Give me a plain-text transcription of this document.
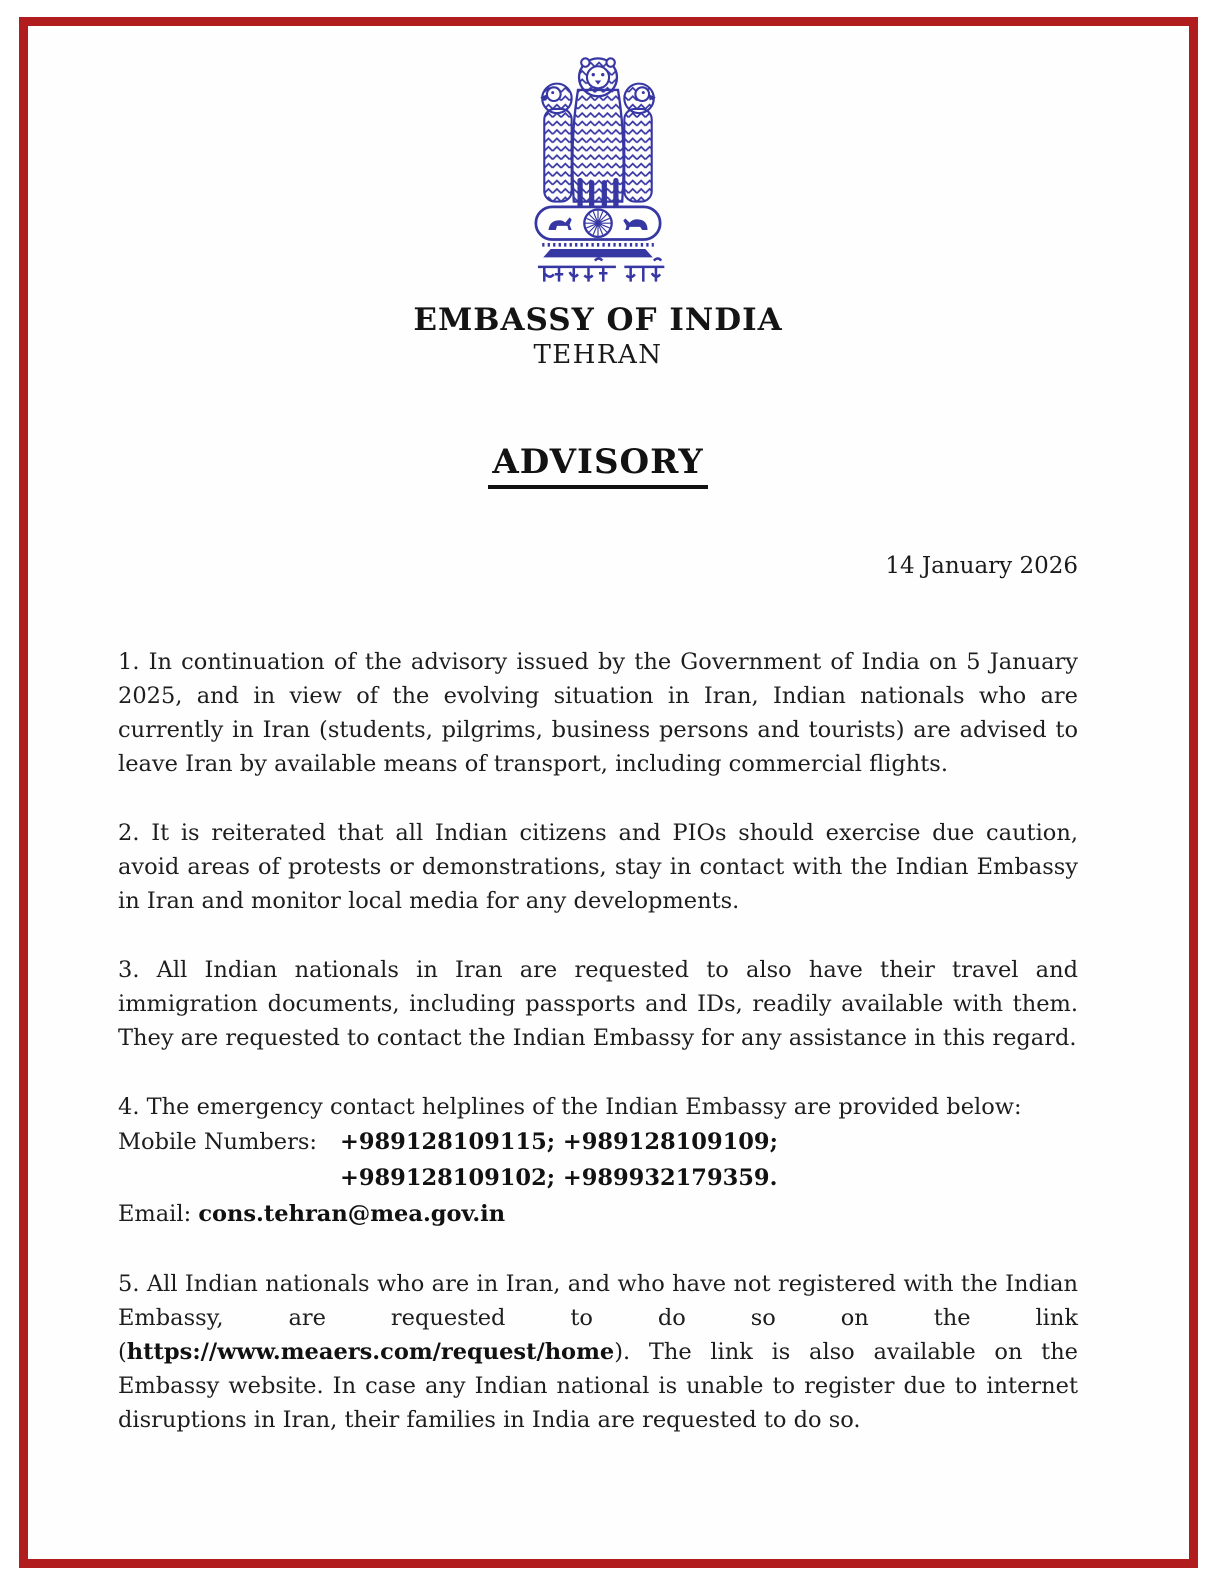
EMBASSY OF INDIA
TEHRAN
ADVISORY
14 January 2026

1. In continuation of the advisory issued by the Government of India on 5 January 2025, and in view of the evolving situation in Iran, Indian nationals who are currently in Iran (students, pilgrims, business persons and tourists) are advised to leave Iran by available means of transport, including commercial flights.

2. It is reiterated that all Indian citizens and PIOs should exercise due caution, avoid areas of protests or demonstrations, stay in contact with the Indian Embassy in Iran and monitor local media for any developments.

3. All Indian nationals in Iran are requested to also have their travel and immigration documents, including passports and IDs, readily available with them. They are requested to contact the Indian Embassy for any assistance in this regard.

4. The emergency contact helplines of the Indian Embassy are provided below:

Mobile Numbers:	+989128109115; +989128109109;
+989128109102; +989932179359.

Email: cons.tehran@mea.gov.in

5. All Indian nationals who are in Iran, and who have not registered with the Indian Embassy, are requested to do so on the link (https://www.meaers.com/request/home). The link is also available on the Embassy website. In case any Indian national is unable to register due to internet disruptions in Iran, their families in India are requested to do so.
